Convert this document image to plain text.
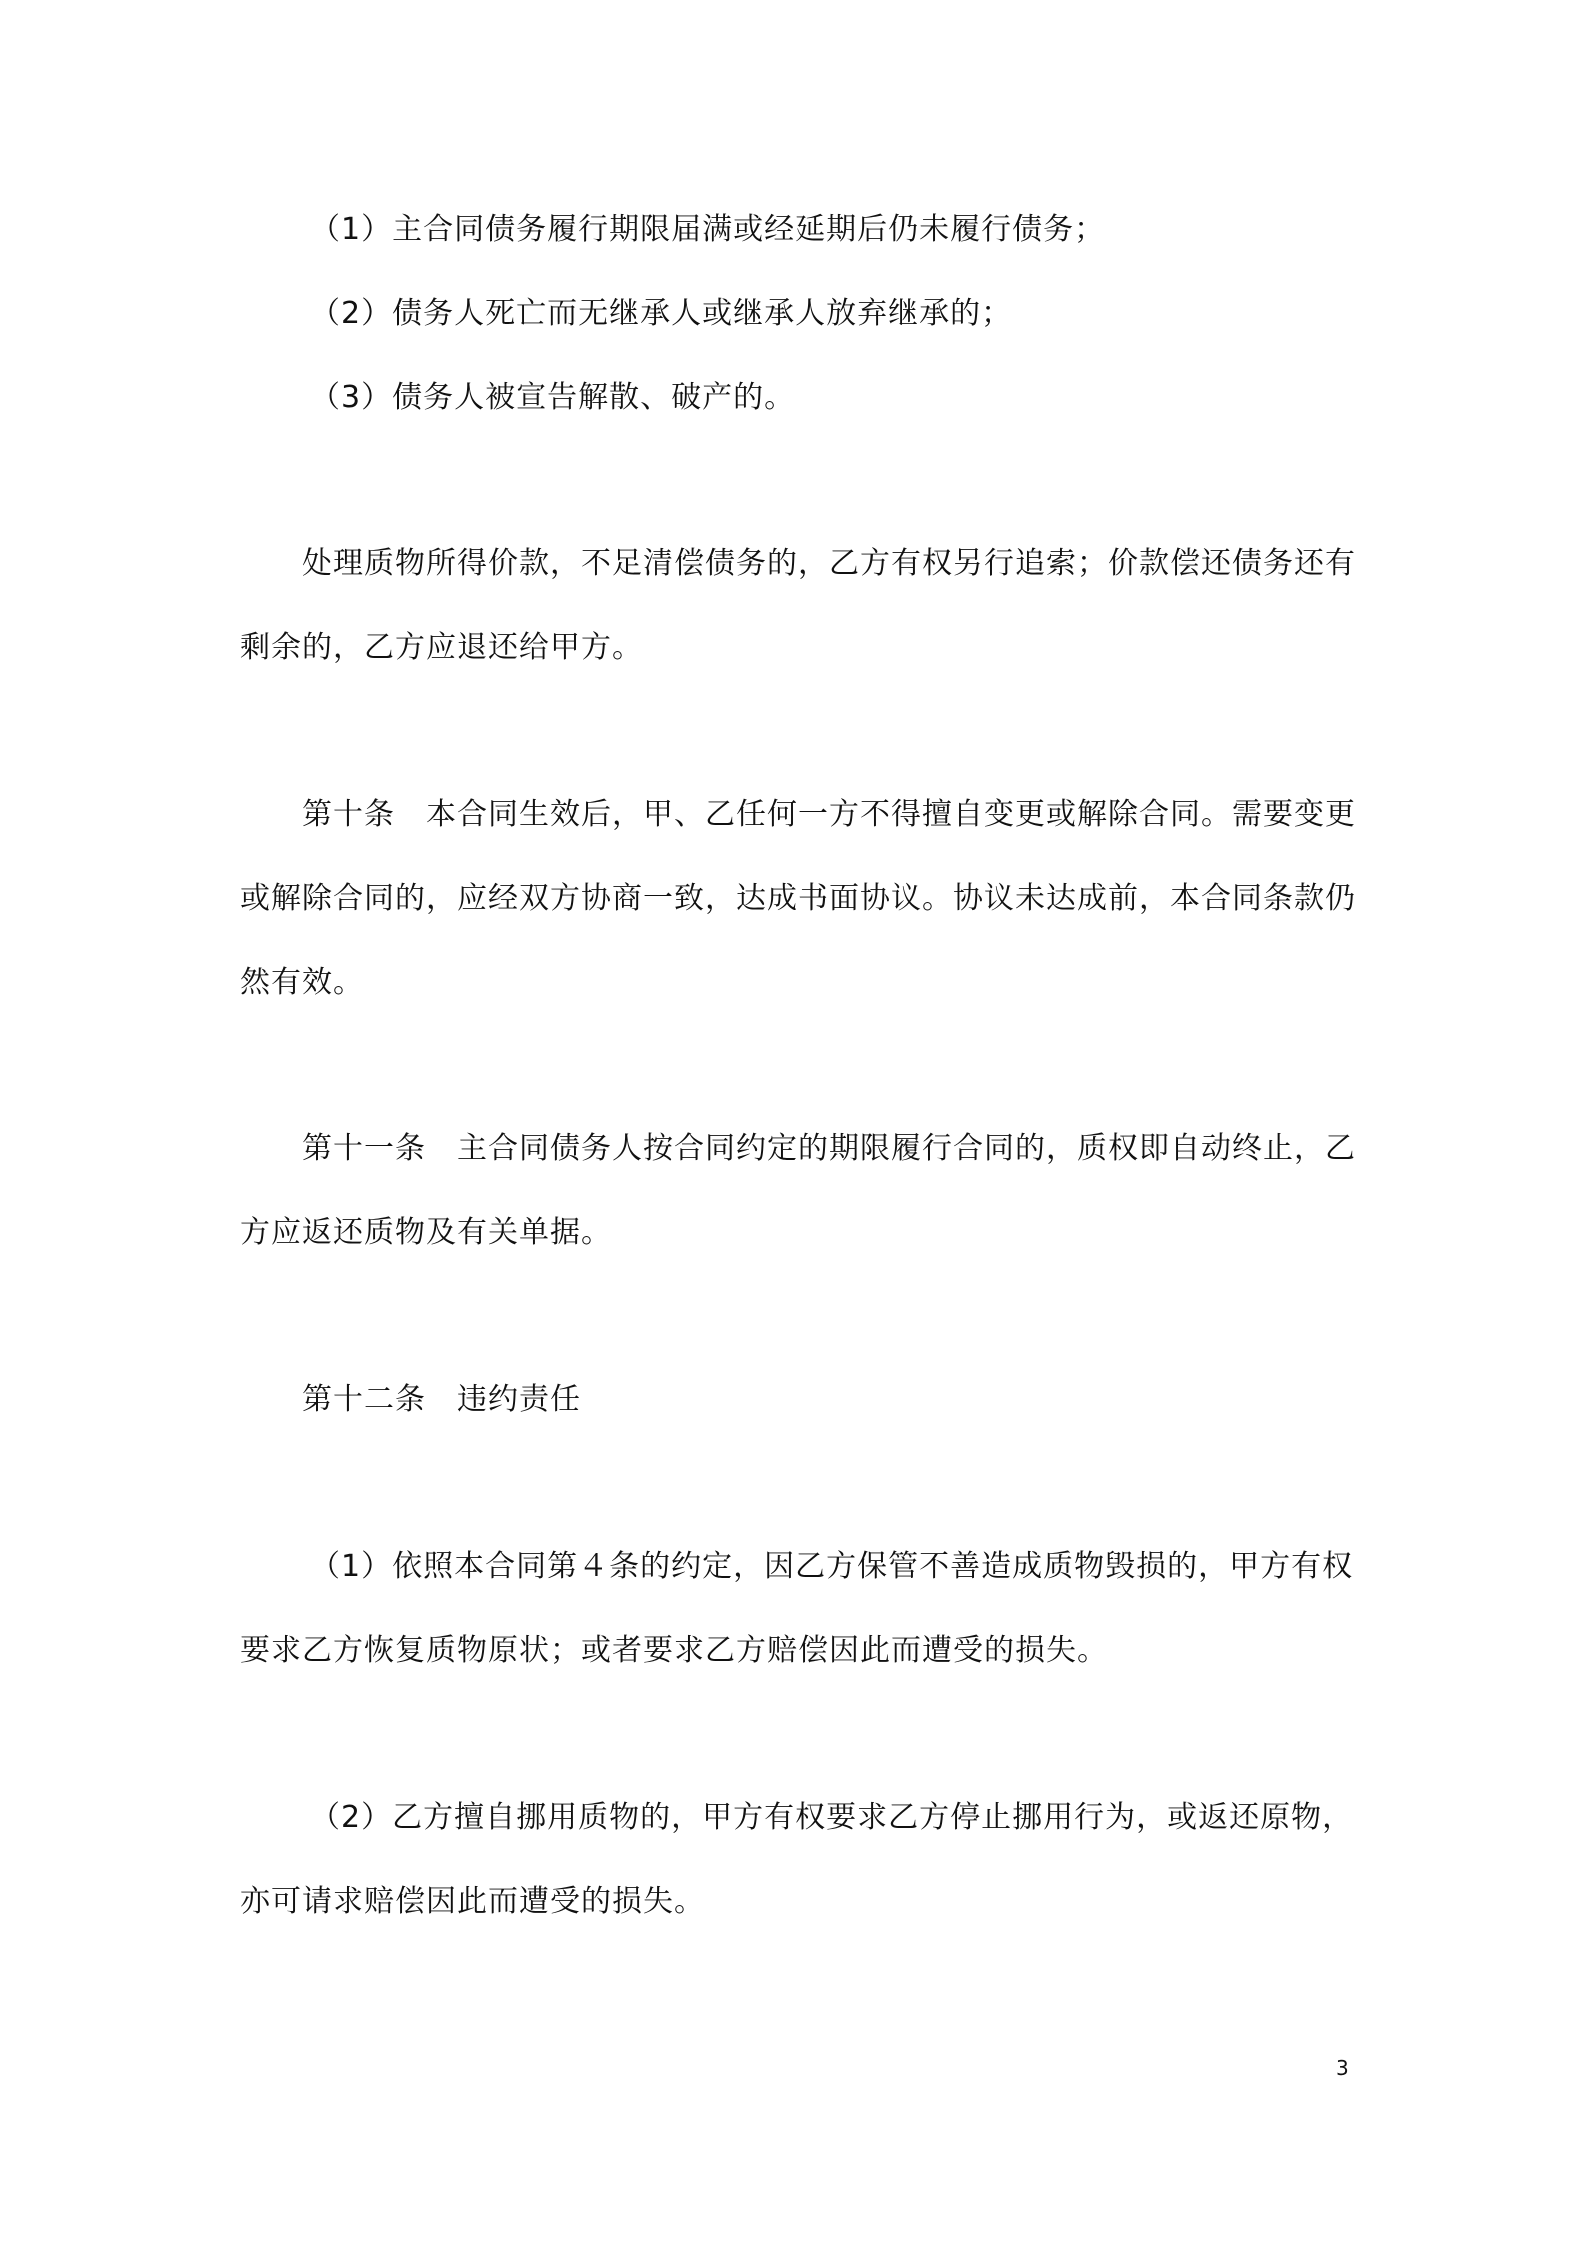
（1）主合同债务履行期限届满或经延期后仍未履行债务；
（2）债务人死亡而无继承人或继承人放弃继承的；
（3）债务人被宣告解散、破产的。
处理质物所得价款，不足清偿债务的，乙方有权另行追索；价款偿还债务还有剩余的，乙方应退还给甲方。
第十条　本合同生效后，甲、乙任何一方不得擅自变更或解除合同。需要变更或解除合同的，应经双方协商一致，达成书面协议。协议未达成前，本合同条款仍然有效。
第十一条　主合同债务人按合同约定的期限履行合同的，质权即自动终止，乙方应返还质物及有关单据。
第十二条　违约责任
（1）依照本合同第４条的约定，因乙方保管不善造成质物毁损的，甲方有权要求乙方恢复质物原状；或者要求乙方赔偿因此而遭受的损失。
（2）乙方擅自挪用质物的，甲方有权要求乙方停止挪用行为，或返还原物，亦可请求赔偿因此而遭受的损失。
3
